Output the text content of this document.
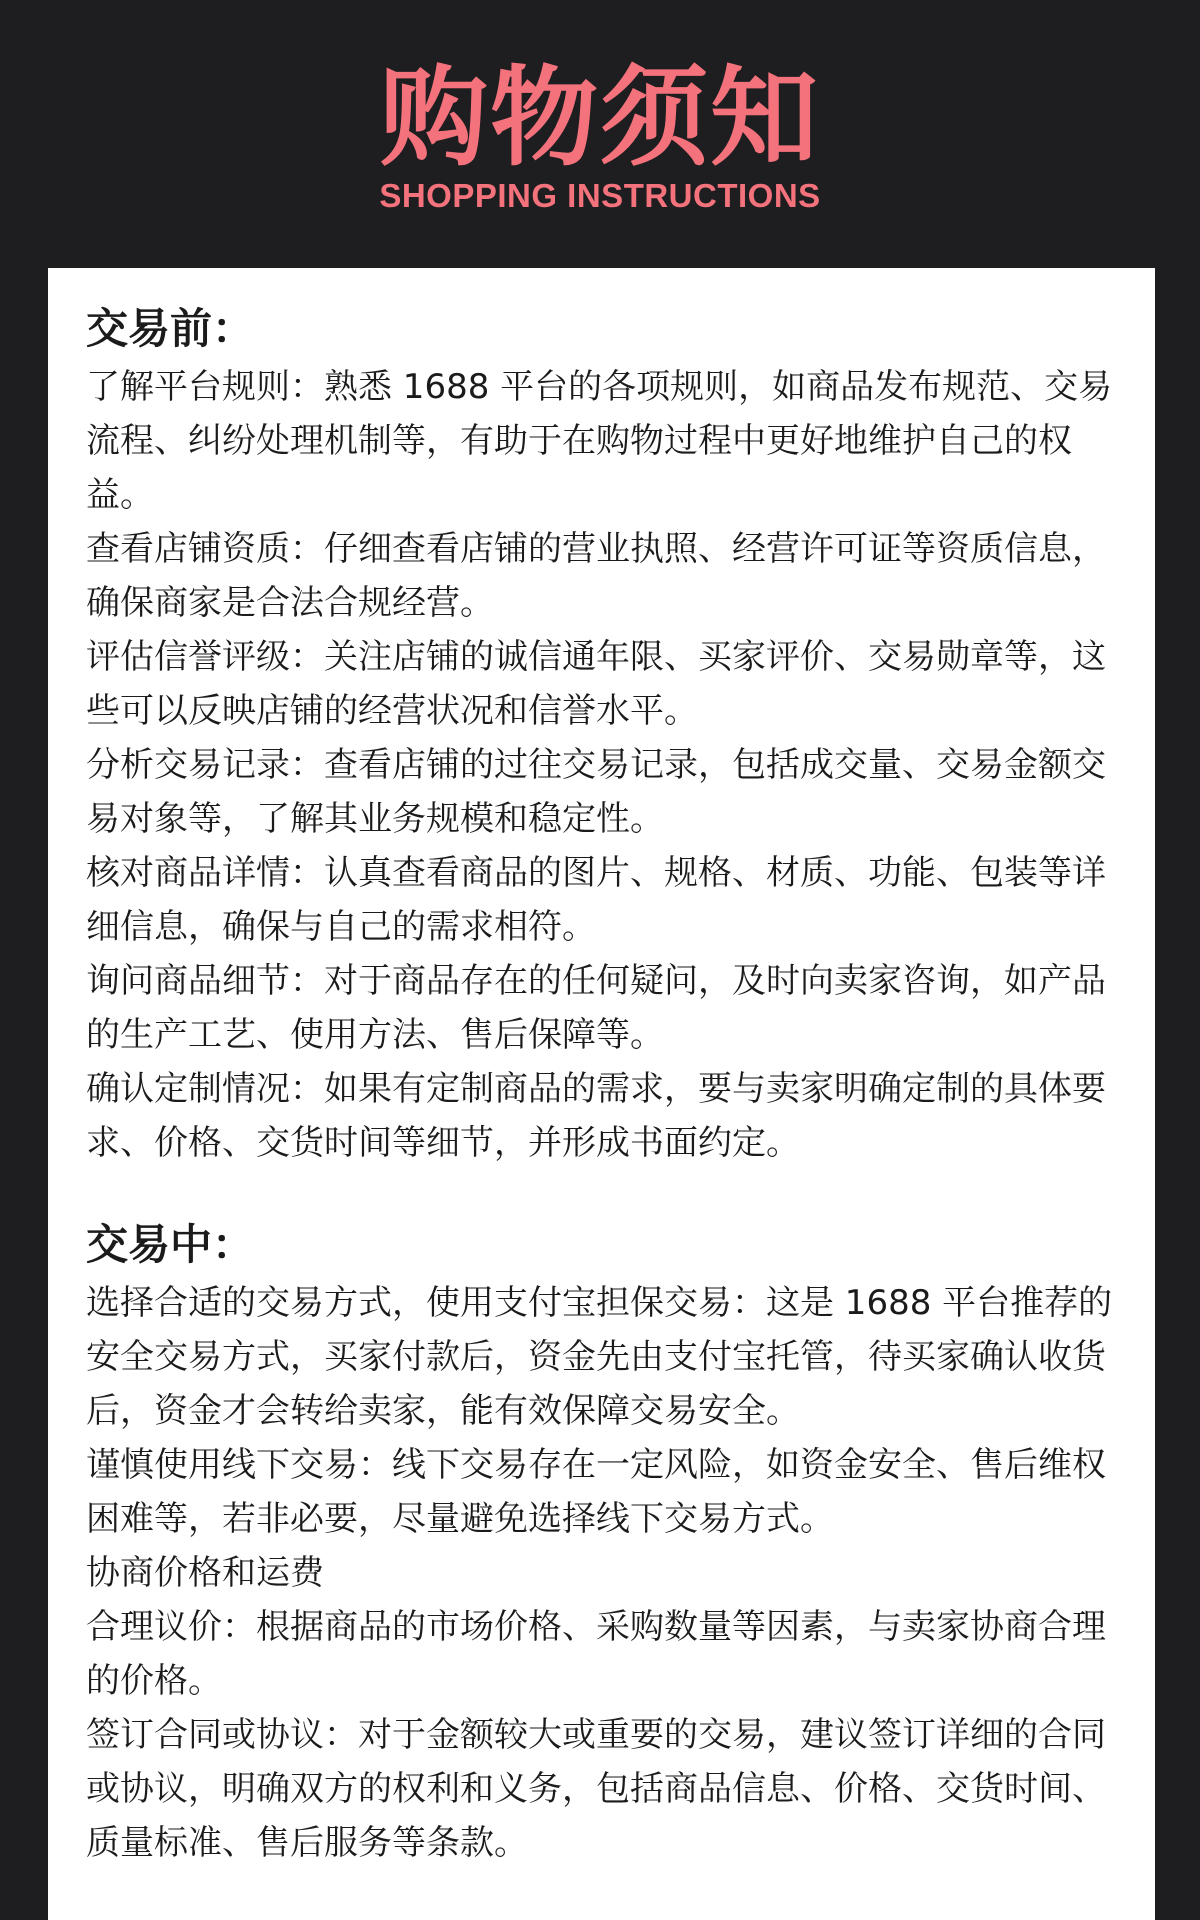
购物须知
SHOPPING INSTRUCTIONS
交易前：

了解平台规则：熟悉 1688 平台的各项规则，如商品发布规范、交易流程、纠纷处理机制等，有助于在购物过程中更好地维护自己的权益。

查看店铺资质：仔细查看店铺的营业执照、经营许可证等资质信息，确保商家是合法合规经营。

评估信誉评级：关注店铺的诚信通年限、买家评价、交易勋章等，这些可以反映店铺的经营状况和信誉水平。

分析交易记录：查看店铺的过往交易记录，包括成交量、交易金额交易对象等，了解其业务规模和稳定性。

核对商品详情：认真查看商品的图片、规格、材质、功能、包装等详细信息，确保与自己的需求相符。

询问商品细节：对于商品存在的任何疑问，及时向卖家咨询，如产品的生产工艺、使用方法、售后保障等。

确认定制情况：如果有定制商品的需求，要与卖家明确定制的具体要求、价格、交货时间等细节，并形成书面约定。

交易中：

选择合适的交易方式，使用支付宝担保交易：这是 1688 平台推荐的安全交易方式，买家付款后，资金先由支付宝托管，待买家确认收货后，资金才会转给卖家，能有效保障交易安全。

谨慎使用线下交易：线下交易存在一定风险，如资金安全、售后维权困难等，若非必要，尽量避免选择线下交易方式。

协商价格和运费

合理议价：根据商品的市场价格、采购数量等因素，与卖家协商合理的价格。

签订合同或协议：对于金额较大或重要的交易，建议签订详细的合同或协议，明确双方的权利和义务，包括商品信息、价格、交货时间、质量标准、售后服务等条款。
